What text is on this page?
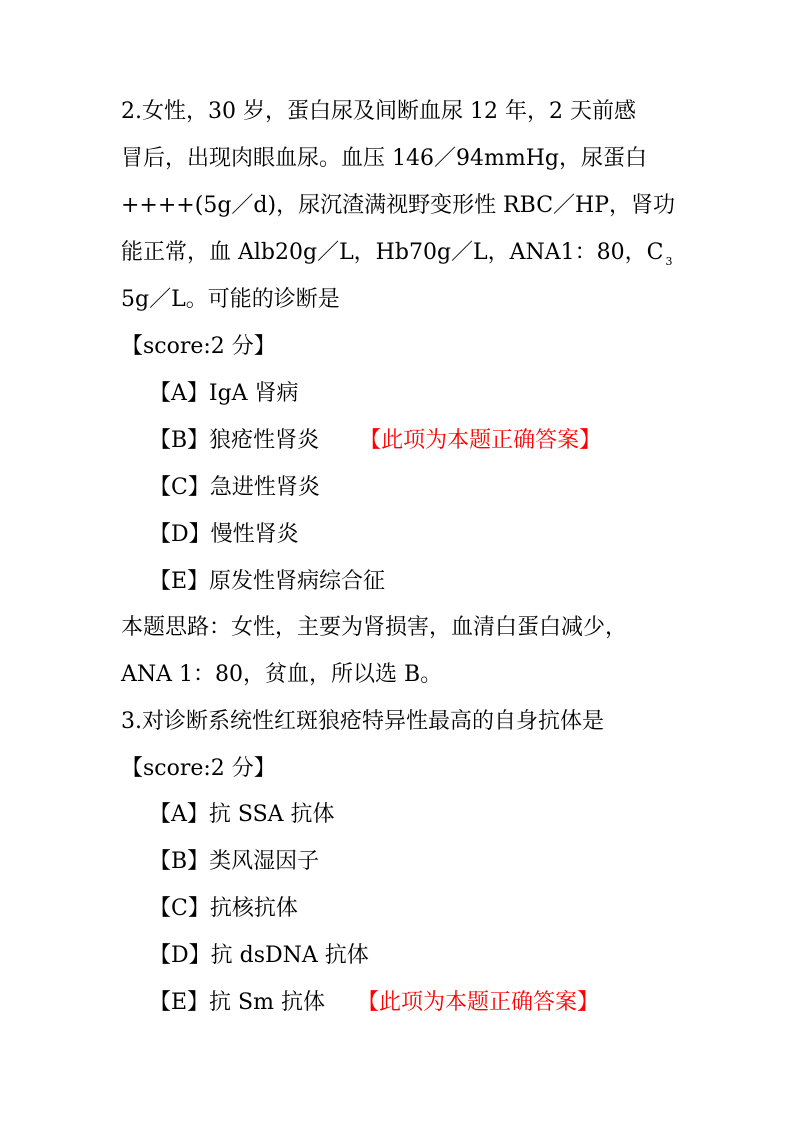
2.女性，30 岁，蛋白尿及间断血尿 12 年，2 天前感
冒后，出现肉眼血尿。血压 146／94mmHg，尿蛋白
++++(5g／d)，尿沉渣满视野变形性 RBC／HP，肾功
能正常，血 Alb20g／L，Hb70g／L，ANA1：80，C $_3$
5g／L。可能的诊断是
【score:2 分】
【A】IgA 肾病
【B】狼疮性肾炎 【此项为本题正确答案】
【C】急进性肾炎
【D】慢性肾炎
【E】原发性肾病综合征
本题思路：女性，主要为肾损害，血清白蛋白减少，
ANA 1：80，贫血，所以选 B。
3.对诊断系统性红斑狼疮特异性最高的自身抗体是
【score:2 分】
【A】抗 SSA 抗体
【B】类风湿因子
【C】抗核抗体
【D】抗 dsDNA 抗体
【E】抗 Sm 抗体 【此项为本题正确答案】
